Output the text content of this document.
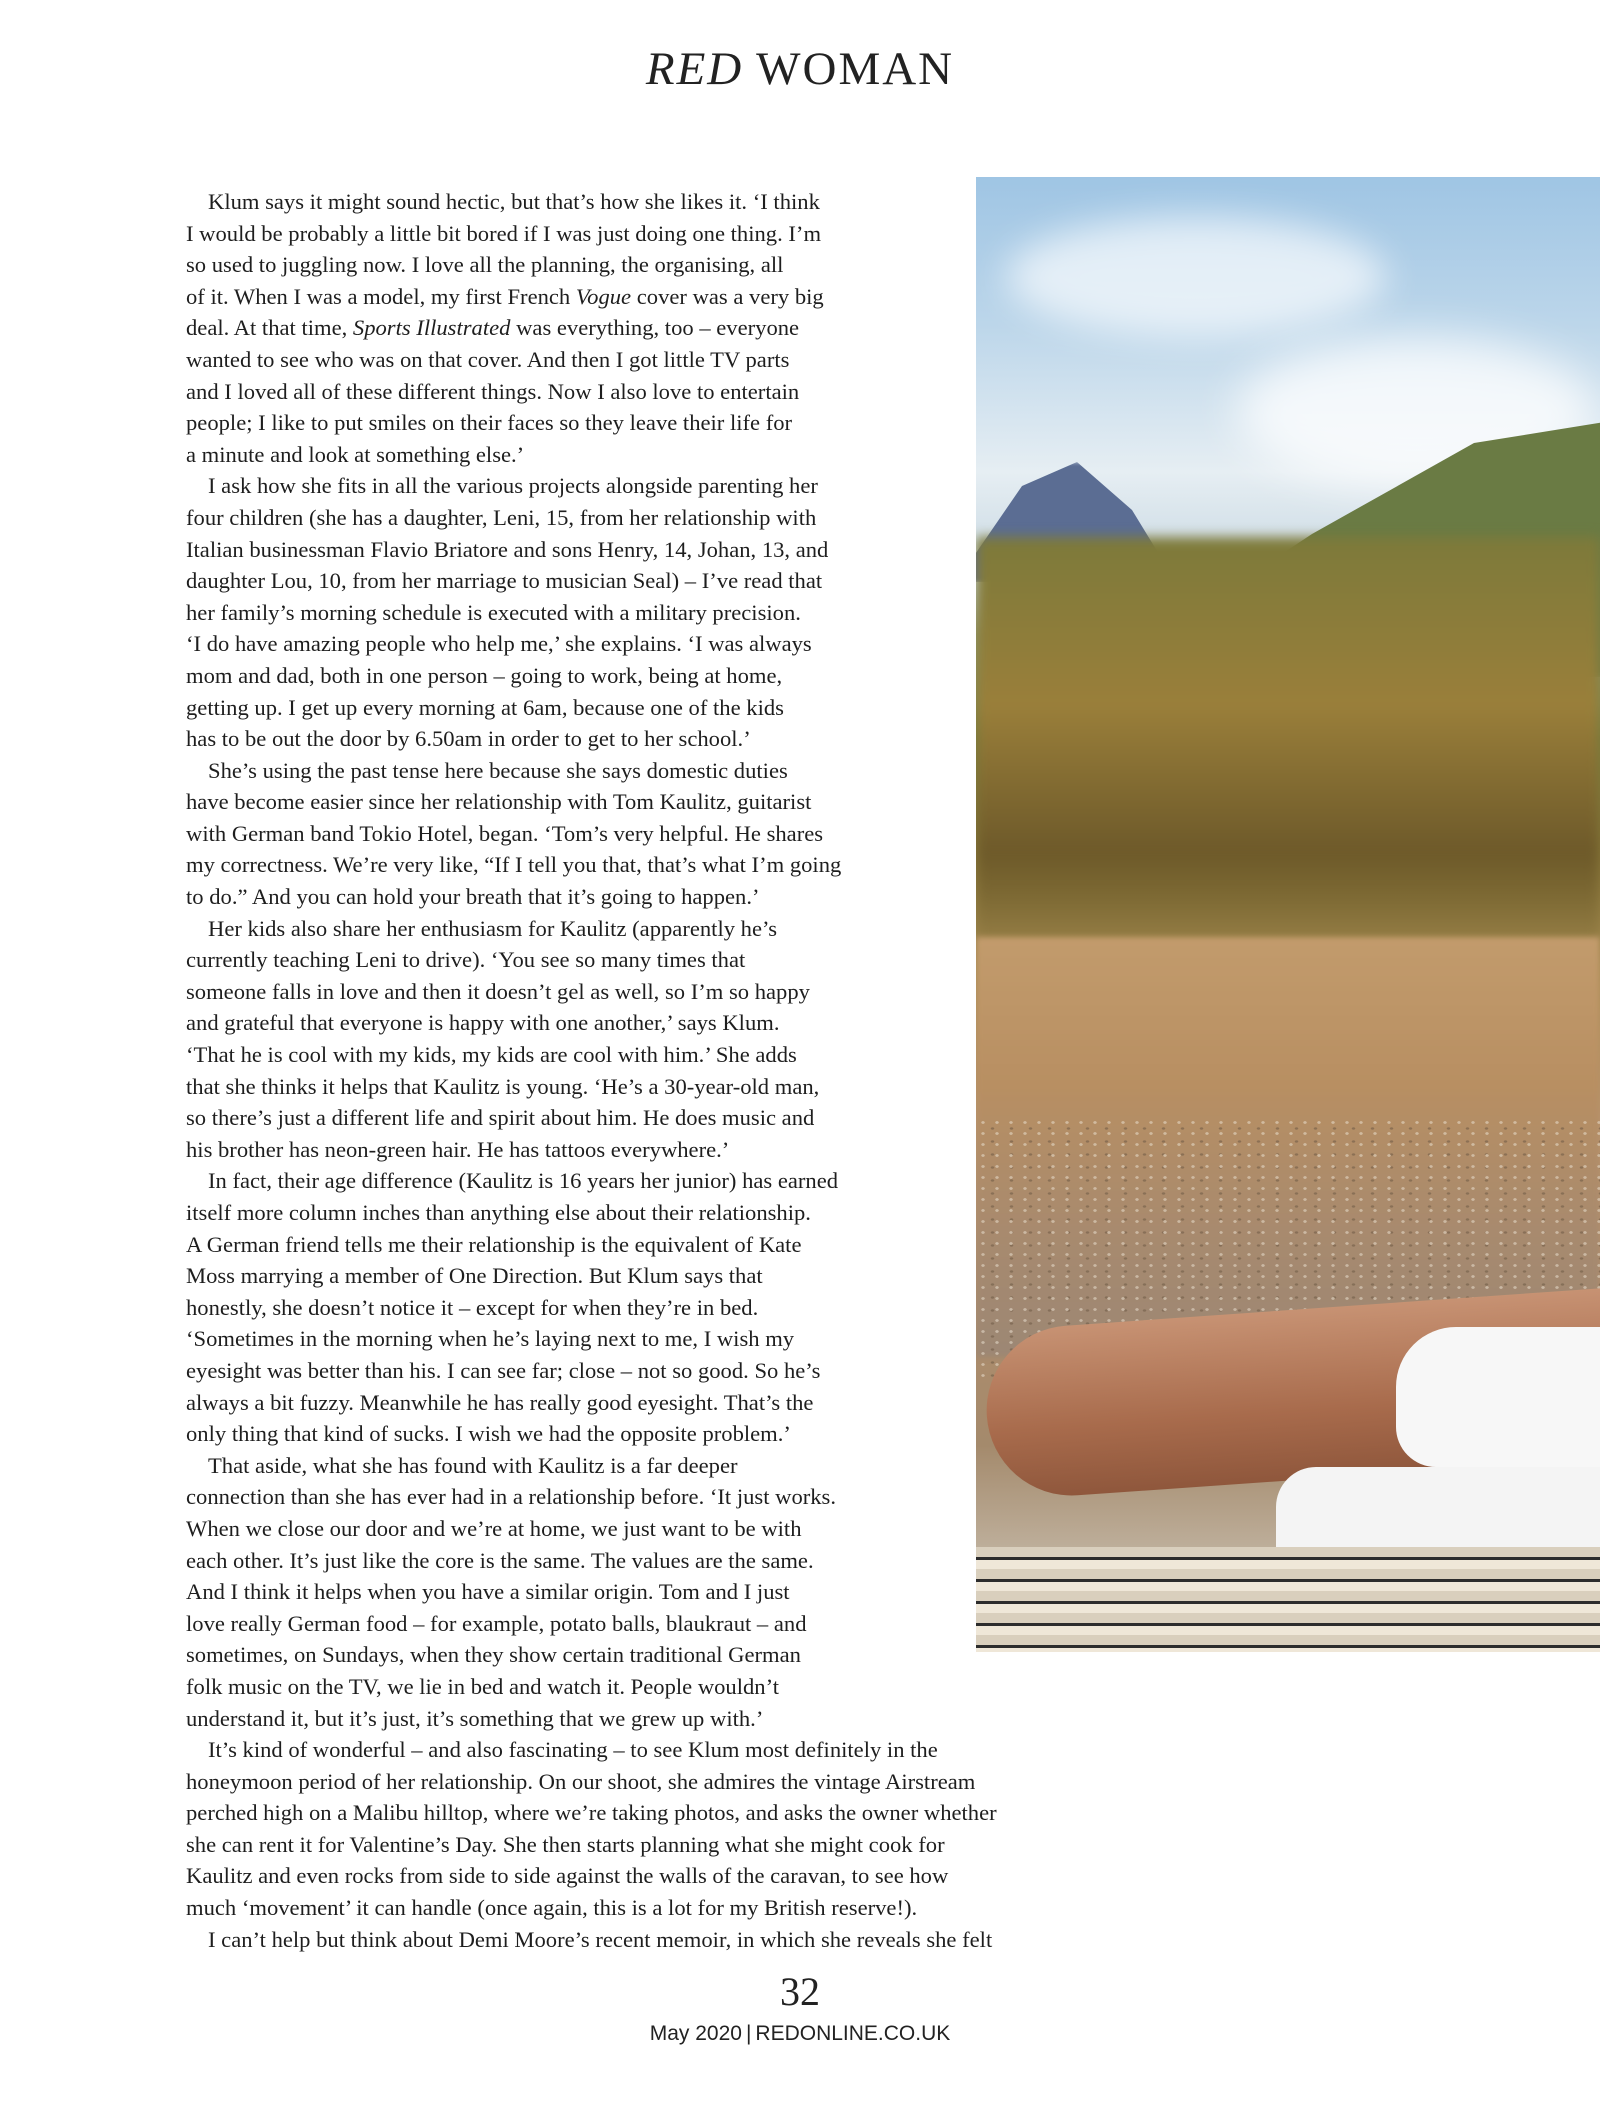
RED WOMAN
Klum says it might sound hectic, but that’s how she likes it. ‘I think
I would be probably a little bit bored if I was just doing one thing. I’m
so used to juggling now. I love all the planning, the organising, all
of it. When I was a model, my first French Vogue cover was a very big
deal. At that time, Sports Illustrated was everything, too – everyone
wanted to see who was on that cover. And then I got little TV parts
and I loved all of these different things. Now I also love to entertain
people; I like to put smiles on their faces so they leave their life for
a minute and look at something else.’
I ask how she fits in all the various projects alongside parenting her
four children (she has a daughter, Leni, 15, from her relationship with
Italian businessman Flavio Briatore and sons Henry, 14, Johan, 13, and
daughter Lou, 10, from her marriage to musician Seal) – I’ve read that
her family’s morning schedule is executed with a military precision.
‘I do have amazing people who help me,’ she explains. ‘I was always
mom and dad, both in one person – going to work, being at home,
getting up. I get up every morning at 6am, because one of the kids
has to be out the door by 6.50am in order to get to her school.’
She’s using the past tense here because she says domestic duties
have become easier since her relationship with Tom Kaulitz, guitarist
with German band Tokio Hotel, began. ‘Tom’s very helpful. He shares
my correctness. We’re very like, “If I tell you that, that’s what I’m going
to do.” And you can hold your breath that it’s going to happen.’
Her kids also share her enthusiasm for Kaulitz (apparently he’s
currently teaching Leni to drive). ‘You see so many times that
someone falls in love and then it doesn’t gel as well, so I’m so happy
and grateful that everyone is happy with one another,’ says Klum.
‘That he is cool with my kids, my kids are cool with him.’ She adds
that she thinks it helps that Kaulitz is young. ‘He’s a 30-year-old man,
so there’s just a different life and spirit about him. He does music and
his brother has neon-green hair. He has tattoos everywhere.’
In fact, their age difference (Kaulitz is 16 years her junior) has earned
itself more column inches than anything else about their relationship.
A German friend tells me their relationship is the equivalent of Kate
Moss marrying a member of One Direction. But Klum says that
honestly, she doesn’t notice it – except for when they’re in bed.
‘Sometimes in the morning when he’s laying next to me, I wish my
eyesight was better than his. I can see far; close – not so good. So he’s
always a bit fuzzy. Meanwhile he has really good eyesight. That’s the
only thing that kind of sucks. I wish we had the opposite problem.’
That aside, what she has found with Kaulitz is a far deeper
connection than she has ever had in a relationship before. ‘It just works.
When we close our door and we’re at home, we just want to be with
each other. It’s just like the core is the same. The values are the same.
And I think it helps when you have a similar origin. Tom and I just
love really German food – for example, potato balls, blaukraut – and
sometimes, on Sundays, when they show certain traditional German
folk music on the TV, we lie in bed and watch it. People wouldn’t
understand it, but it’s just, it’s something that we grew up with.’
It’s kind of wonderful – and also fascinating – to see Klum most definitely in the
honeymoon period of her relationship. On our shoot, she admires the vintage Airstream
perched high on a Malibu hilltop, where we’re taking photos, and asks the owner whether
she can rent it for Valentine’s Day. She then starts planning what she might cook for
Kaulitz and even rocks from side to side against the walls of the caravan, to see how
much ‘movement’ it can handle (once again, this is a lot for my British reserve!).
I can’t help but think about Demi Moore’s recent memoir, in which she reveals she felt
32
May 2020 | REDONLINE.CO.UK
